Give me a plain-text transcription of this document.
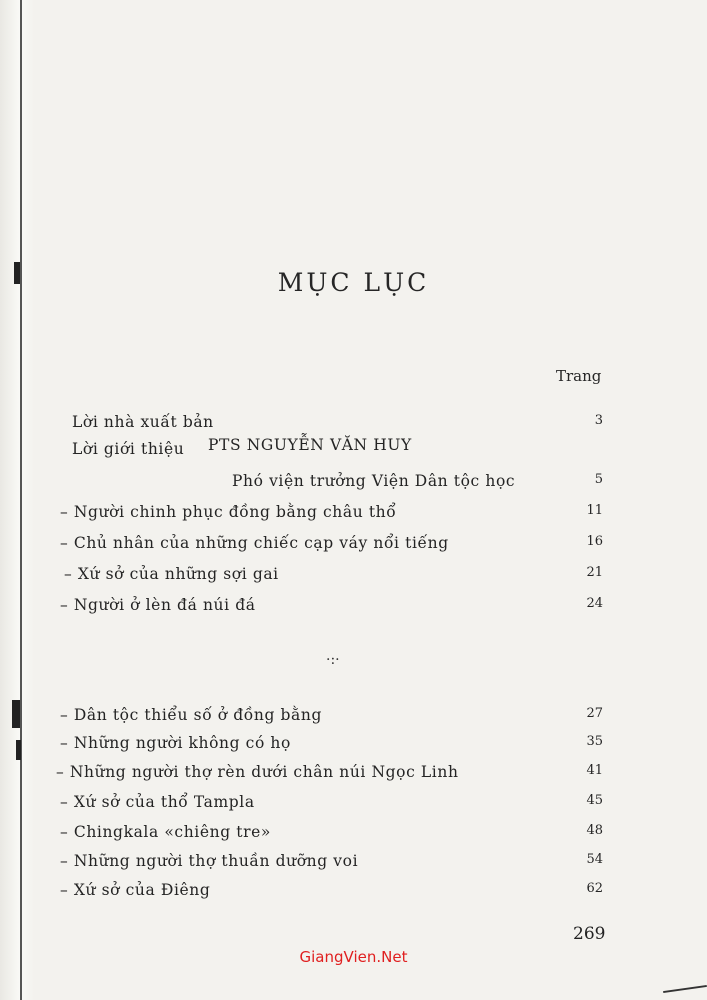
MỤC LỤC
Trang
Lời nhà xuất bản	3
Lời giới thiệu PTS NGUYỄN VĂN HUY
Phó viện trưởng Viện Dân tộc học	5
– Người chinh phục đồng bằng châu thổ	11
– Chủ nhân của những chiếc cạp váy nổi tiếng	16
– Xứ sở của những sợi gai	21
– Người ở lèn đá núi đá	24
·:·
– Dân tộc thiểu số ở đồng bằng	27
– Những người không có họ	35
– Những người thợ rèn dưới chân núi Ngọc Linh	41
– Xứ sở của thổ Tampla	45
– Chingkala «chiêng tre»	48
– Những người thợ thuần dưỡng voi	54
– Xứ sở của Điêng	62
269
GiangVien.Net
